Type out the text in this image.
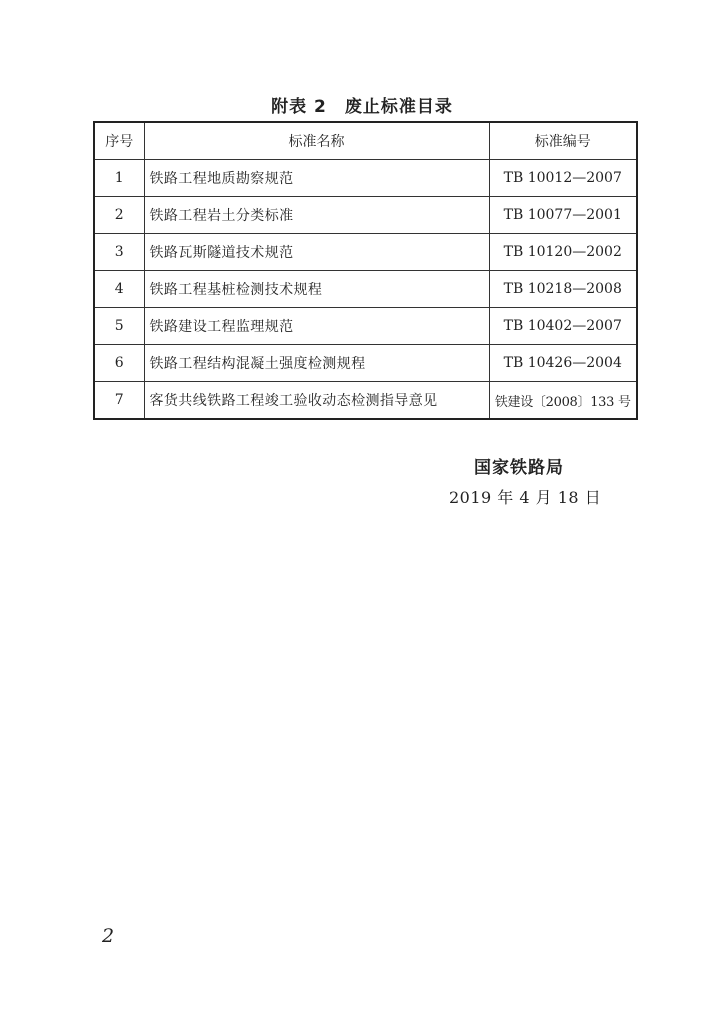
附表 2　废止标准目录
序号	标准名称	标准编号
1	铁路工程地质勘察规范	TB 10012—2007
2	铁路工程岩土分类标准	TB 10077—2001
3	铁路瓦斯隧道技术规范	TB 10120—2002
4	铁路工程基桩检测技术规程	TB 10218—2008
5	铁路建设工程监理规范	TB 10402—2007
6	铁路工程结构混凝土强度检测规程	TB 10426—2004
7	客货共线铁路工程竣工验收动态检测指导意见	铁建设〔2008〕133 号
国家铁路局
2019 年 4 月 18 日
2
